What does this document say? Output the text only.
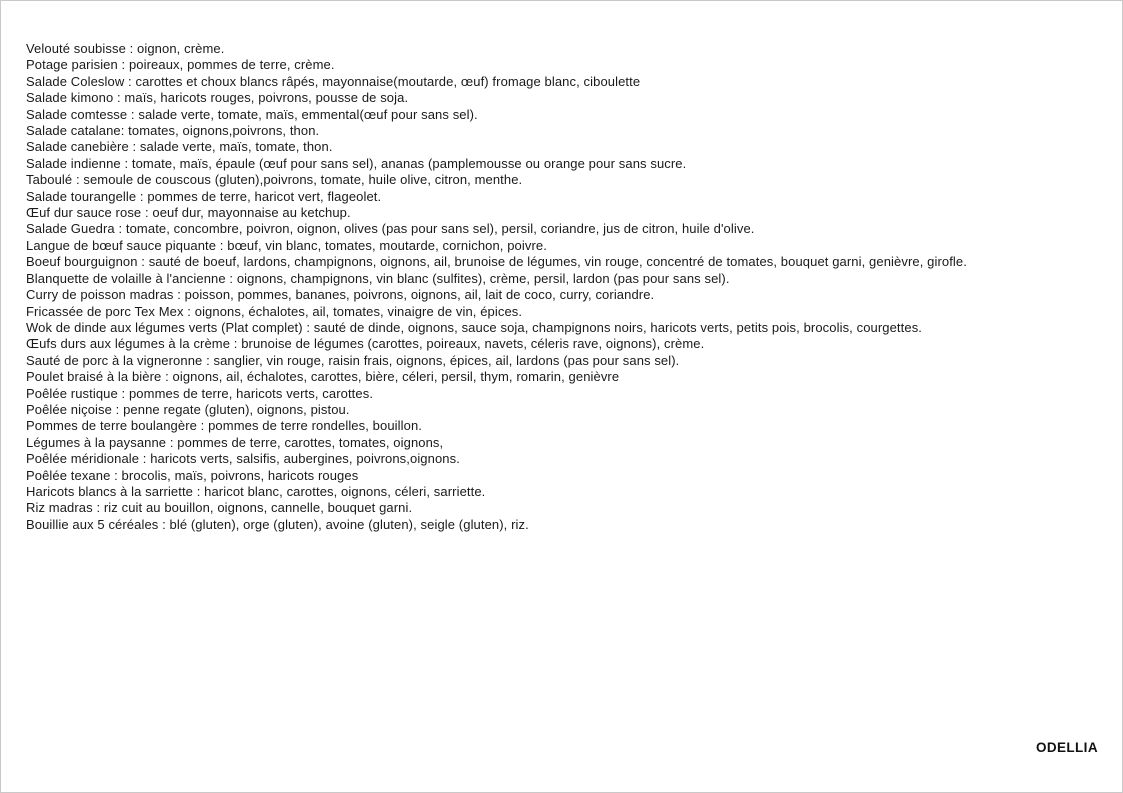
Velouté soubisse : oignon, crème.
Potage parisien : poireaux, pommes de terre, crème.
Salade Coleslow : carottes et choux blancs râpés, mayonnaise(moutarde, œuf) fromage blanc, ciboulette
Salade kimono : maïs, haricots rouges, poivrons, pousse de soja.
Salade comtesse : salade verte, tomate, maïs, emmental(œuf pour sans sel).
Salade catalane: tomates, oignons,poivrons, thon.
Salade canebière : salade verte, maïs, tomate, thon.
Salade indienne : tomate, maïs, épaule (œuf pour sans sel), ananas (pamplemousse ou orange pour sans sucre.
Taboulé : semoule de couscous (gluten),poivrons, tomate, huile olive, citron, menthe.
Salade tourangelle : pommes de terre, haricot vert, flageolet.
Œuf dur sauce rose : oeuf dur, mayonnaise au ketchup.
Salade Guedra : tomate, concombre, poivron, oignon, olives (pas pour sans sel), persil, coriandre, jus de citron, huile d'olive.
Langue de bœuf sauce piquante : bœuf, vin blanc, tomates, moutarde, cornichon, poivre.
Boeuf bourguignon : sauté de boeuf, lardons, champignons, oignons, ail, brunoise de légumes, vin rouge, concentré de tomates, bouquet garni, genièvre, girofle.
Blanquette de volaille à l'ancienne : oignons, champignons, vin blanc (sulfites), crème, persil, lardon (pas pour sans sel).
Curry de poisson madras : poisson, pommes, bananes, poivrons, oignons, ail, lait de coco, curry, coriandre.
Fricassée de porc Tex Mex : oignons, échalotes, ail, tomates, vinaigre de vin, épices.
Wok de dinde aux légumes verts (Plat complet) : sauté de dinde, oignons, sauce soja, champignons noirs, haricots verts, petits pois, brocolis, courgettes.
Œufs durs aux légumes à la crème : brunoise de légumes (carottes, poireaux, navets, céleris rave, oignons), crème.
Sauté de porc à la vigneronne : sanglier, vin rouge, raisin frais, oignons, épices, ail, lardons (pas pour sans sel).
Poulet braisé à la bière : oignons, ail, échalotes, carottes, bière, céleri, persil, thym, romarin, genièvre
Poêlée rustique : pommes de terre, haricots verts, carottes.
Poêlée niçoise : penne regate (gluten), oignons, pistou.
Pommes de terre boulangère : pommes de terre rondelles, bouillon.
Légumes à la paysanne : pommes de terre, carottes, tomates, oignons,
Poêlée méridionale : haricots verts, salsifis, aubergines, poivrons,oignons.
Poêlée texane : brocolis, maïs, poivrons, haricots rouges
Haricots blancs à la sarriette : haricot blanc, carottes, oignons, céleri, sarriette.
Riz madras : riz cuit au bouillon, oignons, cannelle, bouquet garni.
Bouillie aux 5 céréales : blé (gluten), orge (gluten), avoine (gluten), seigle (gluten), riz.
ODELLIA
